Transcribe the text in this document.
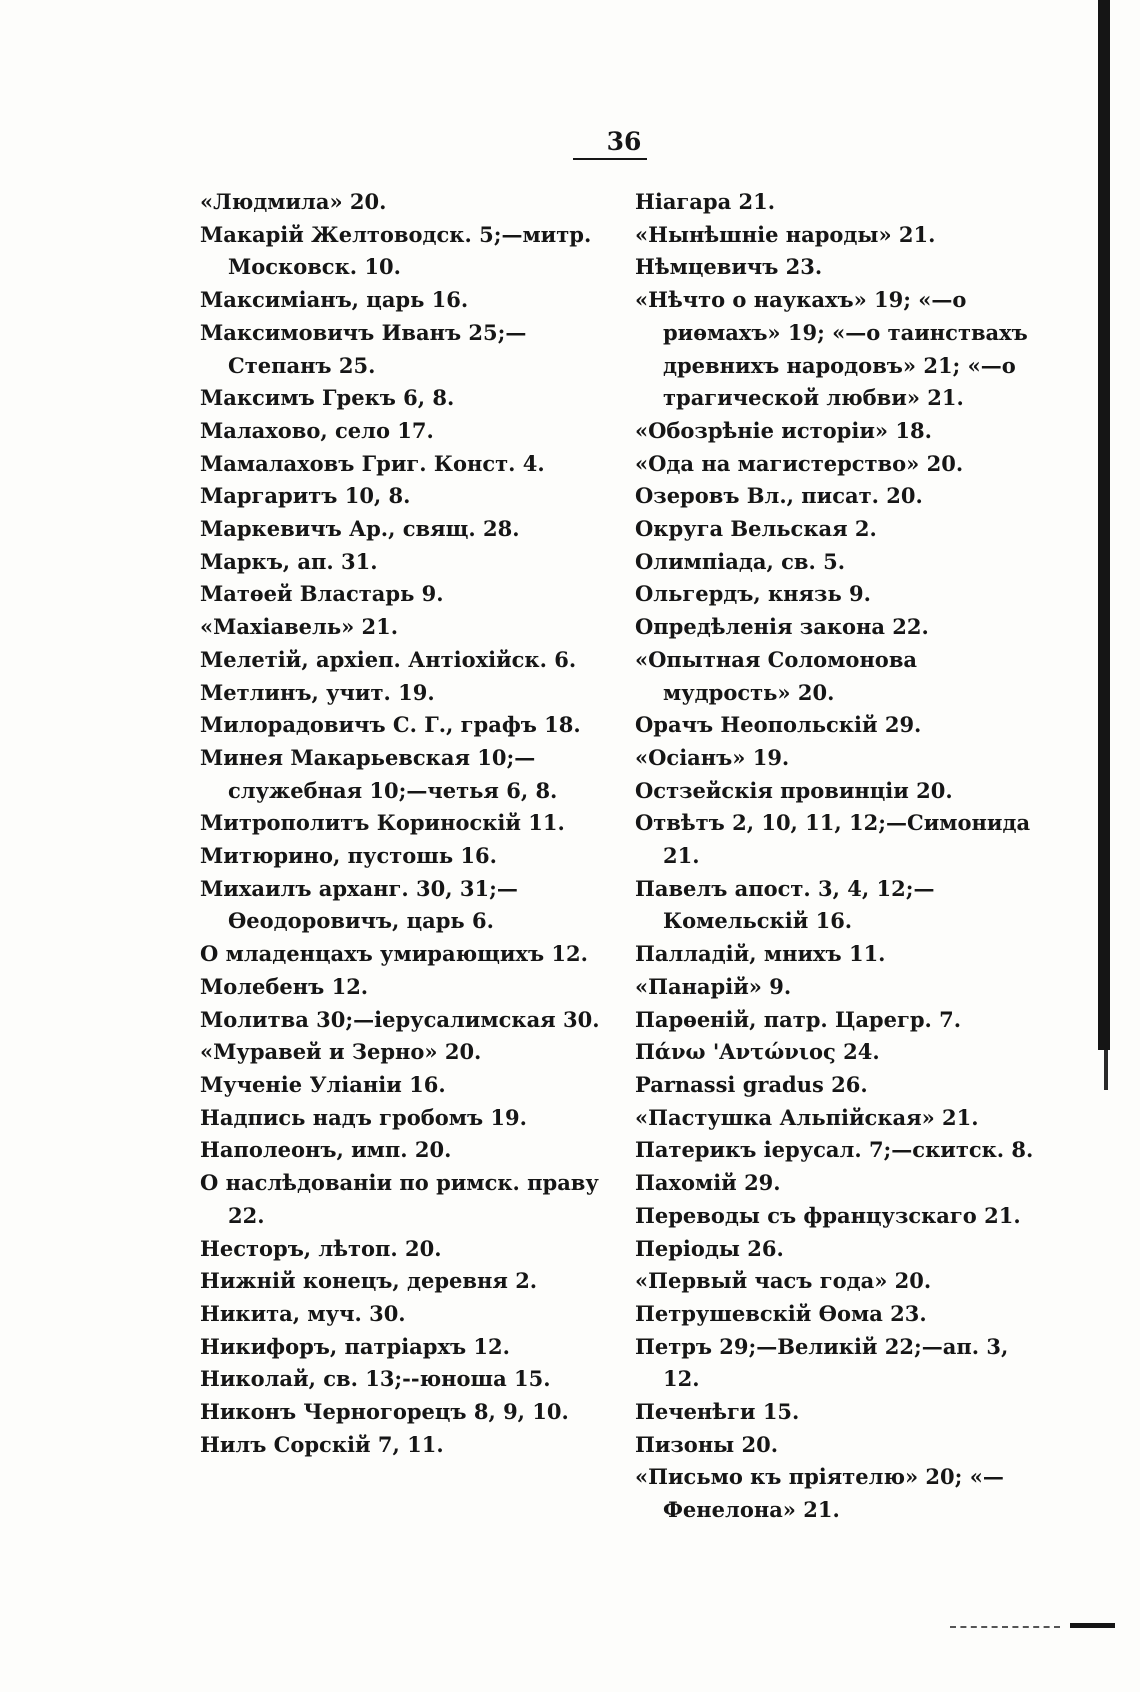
36
«Людмила» 20.
Макарій Желтоводск. 5;—митр. Московск. 10.
Максиміанъ, царь 16.
Максимовичъ Иванъ 25;—Степанъ 25.
Максимъ Грекъ 6, 8.
Малахово, село 17.
Мамалаховъ Григ. Конст. 4.
Маргаритъ 10, 8.
Маркевичъ Ар., свящ. 28.
Маркъ, ап. 31.
Матѳей Властарь 9.
«Махіавель» 21.
Мелетій, архіеп. Антіохійск. 6.
Метлинъ, учит. 19.
Милорадовичъ С. Г., графъ 18.
Минея Макарьевская 10;—служебная 10;—четья 6, 8.
Митрополитъ Кориноскій 11.
Митюрино, пустошь 16.
Михаилъ арханг. 30, 31;—Ѳеодоровичъ, царь 6.
О младенцахъ умирающихъ 12.
Молебенъ 12.
Молитва 30;—іерусалимская 30.
«Муравей и Зерно» 20.
Мученіе Уліаніи 16.
Надпись надъ гробомъ 19.
Наполеонъ, имп. 20.
О наслѣдованіи по римск. праву 22.
Несторъ, лѣтоп. 20.
Нижній конецъ, деревня 2.
Никита, муч. 30.
Никифоръ, патріархъ 12.
Николай, св. 13;--юноша 15.
Никонъ Черногорецъ 8, 9, 10.
Нилъ Сорскій 7, 11.
Ніагара 21.
«Нынѣшніе народы» 21.
Нѣмцевичъ 23.
«Нѣчто о наукахъ» 19; «—о риѳмахъ» 19; «—о таинствахъ древнихъ народовъ» 21; «—о трагической любви» 21.
«Обозрѣніе исторіи» 18.
«Ода на магистерство» 20.
Озеровъ Вл., писат. 20.
Округа Вельская 2.
Олимпіада, св. 5.
Ольгердъ, князь 9.
Опредѣленія закона 22.
«Опытная Соломонова мудрость» 20.
Орачъ Неопольскій 29.
«Осіанъ» 19.
Остзейскія провинціи 20.
Отвѣтъ 2, 10, 11, 12;—Симонида 21.
Павелъ апост. 3, 4, 12;—Комельскій 16.
Палладій, мнихъ 11.
«Панарій» 9.
Парѳеній, патр. Царегр. 7.
Πάνω 'Αντώνιος 24.
Parnassi gradus 26.
«Пастушка Альпійская» 21.
Патерикъ іерусал. 7;—скитск. 8.
Пахомій 29.
Переводы съ французскаго 21.
Періоды 26.
«Первый часъ года» 20.
Петрушевскій Ѳома 23.
Петръ 29;—Великій 22;—ап. 3, 12.
Печенѣги 15.
Пизоны 20.
«Письмо къ пріятелю» 20; «—Фенелона» 21.
